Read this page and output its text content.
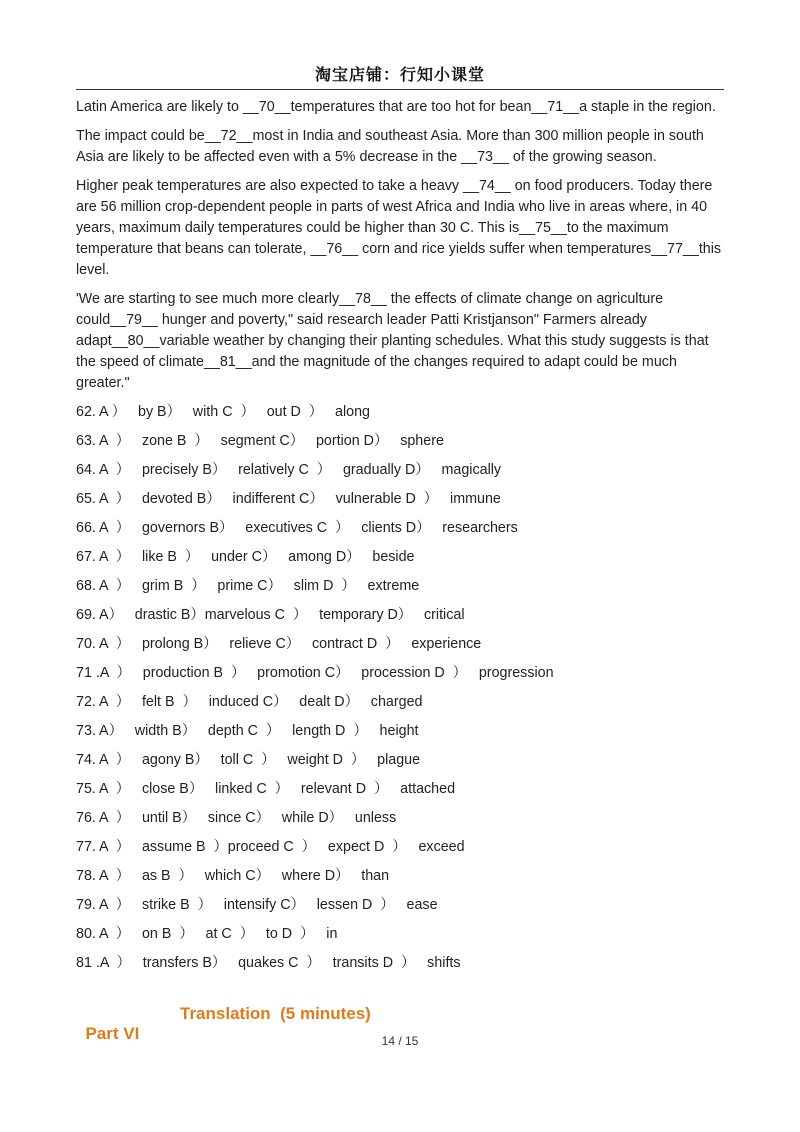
淘宝店铺：行知小课堂

Latin America are likely to __70__temperatures that are too hot for bean__71__a staple in the region.

The impact could be__72__most in India and southeast Asia. More than 300 million people in south Asia are likely to be affected even with a 5% decrease in the __73__ of the growing season.

Higher peak temperatures are also expected to take a heavy __74__ on food producers. Today there are 56 million crop-dependent people in parts of west Africa and India who live in areas where, in 40 years, maximum daily temperatures could be higher than 30 C. This is__75__to the maximum temperature that beans can tolerate, __76__ corn and rice yields suffer when temperatures__77__this level.

'We are starting to see much more clearly__78__ the effects of climate change on agriculture could__79__ hunger and poverty," said research leader Patti Kristjanson" Farmers already adapt__80__variable weather by changing their planting schedules. What this study suggests is that the speed of climate__81__and the magnitude of the changes required to adapt could be much greater."

62. A ）   by B）   with C  ）   out D  ）   along
63. A  ）   zone B  ）   segment C）   portion D）   sphere
64. A  ）   precisely B）   relatively C  ）   gradually D）   magically
65. A  ）   devoted B）   indifferent C）   vulnerable D  ）   immune
66. A  ）   governors B）   executives C  ）   clients D）   researchers
67. A  ）   like B  ）   under C）   among D）   beside
68. A  ）   grim B  ）   prime C）   slim D  ）   extreme
69. A）   drastic B）marvelous C  ）   temporary D）   critical
70. A  ）   prolong B）   relieve C）   contract D  ）   experience
71 .A  ）   production B  ）   promotion C）   procession D  ）   progression
72. A  ）   felt B  ）   induced C）   dealt D）   charged
73. A）   width B）   depth C  ）   length D  ）   height
74. A  ）   agony B）   toll C  ）   weight D  ）   plague
75. A  ）   close B）   linked C  ）   relevant D  ）   attached
76. A  ）   until B）   since C）   while D）   unless
77. A  ）   assume B  ）proceed C  ）   expect D  ）   exceed
78. A  ）   as B  ）   which C）   where D）   than
79. A  ）   strike B  ）   intensify C）   lessen D  ）   ease
80. A  ）   on B  ）   at C  ）   to D  ）   in
81 .A  ）   transfers B）   quakes C  ）   transits D  ）   shifts

Part VI

Translation  (5 minutes)

14 / 15
